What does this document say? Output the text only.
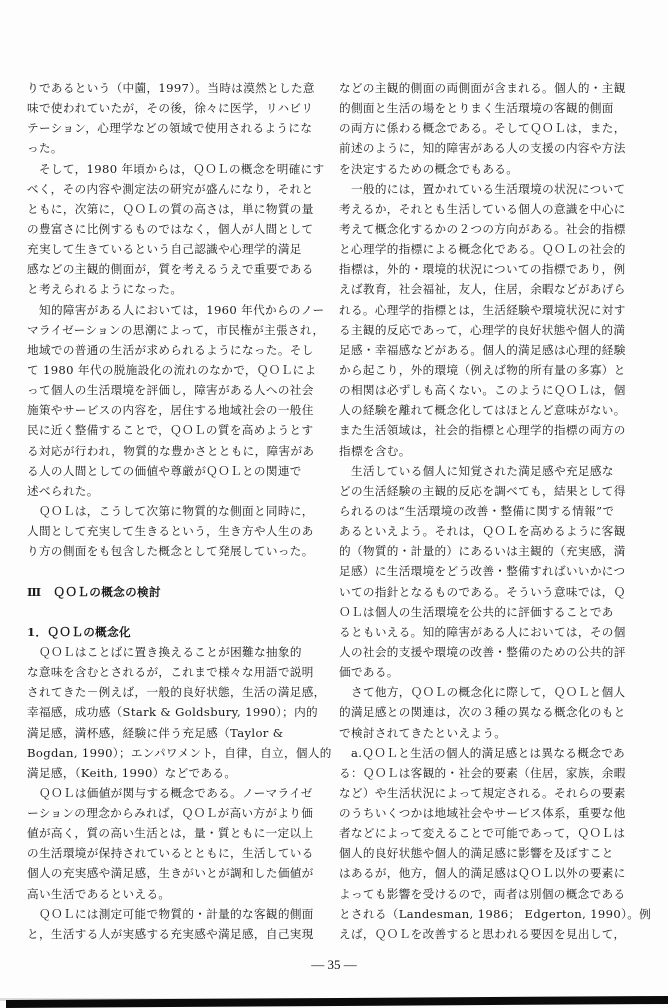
りであるという（中薗，1997）。当時は漠然とした意
味で使われていたが，その後，徐々に医学，リハビリ
テーション，心理学などの領域で使用されるようにな
った。
そして，1980 年頃からは，ＱＯＬの概念を明確にす
べく，その内容や測定法の研究が盛んになり，それと
ともに，次第に，ＱＯＬの質の高さは，単に物質の量
の豊富さに比例するものではなく，個人が人間として
充実して生きているという自己認識や心理学的満足
感などの主観的側面が，質を考えるうえで重要である
と考えられるようになった。
知的障害がある人においては，1960 年代からのノー
マライゼーションの思潮によって，市民権が主張され，
地域での普通の生活が求められるようになった。そし
て 1980 年代の脱施設化の流れのなかで，ＱＯＬによ
って個人の生活環境を評価し，障害がある人への社会
施策やサービスの内容を，居住する地域社会の一般住
民に近く整備することで，ＱＯＬの質を高めようとす
る対応が行われ，物質的な豊かさとともに，障害があ
る人の人間としての価値や尊厳がＱＯＬとの関連で
述べられた。
ＱＯＬは，こうして次第に物質的な側面と同時に，
人間として充実して生きるという，生き方や人生のあ
り方の側面をも包含した概念として発展していった。
Ⅲ　ＱＯＬの概念の検討
1．ＱＯＬの概念化
ＱＯＬはことばに置き換えることが困難な抽象的
な意味を含むとされるが，これまで様々な用語で説明
されてきた－例えば，一般的良好状態，生活の満足感，
幸福感，成功感（Stark & Goldsbury, 1990）；内的
満足感，満杯感，経験に伴う充足感（Taylor &
Bogdan, 1990）；エンパワメント，自律，自立，個人的
満足感，（Keith, 1990）などである。
ＱＯＬは価値が関与する概念である。ノーマライゼ
ーションの理念からみれば，ＱＯＬが高い方がより価
値が高く，質の高い生活とは，量・質ともに一定以上
の生活環境が保持されているとともに，生活している
個人の充実感や満足感，生きがいとが調和した価値が
高い生活であるといえる。
ＱＯＬには測定可能で物質的・計量的な客観的側面
と，生活する人が実感する充実感や満足感，自己実現
などの主観的側面の両側面が含まれる。個人的・主観
的側面と生活の場をとりまく生活環境の客観的側面
の両方に係わる概念である。そしてＱＯＬは，また，
前述のように，知的障害がある人の支援の内容や方法
を決定するための概念でもある。
一般的には，置かれている生活環境の状況について
考えるか，それとも生活している個人の意識を中心に
考えて概念化するかの２つの方向がある。社会的指標
と心理学的指標による概念化である。ＱＯＬの社会的
指標は，外的・環境的状況についての指標であり，例
えば教育，社会福祉，友人，住居，余暇などがあげら
れる。心理学的指標とは，生活経験や環境状況に対す
る主観的反応であって，心理学的良好状態や個人的満
足感・幸福感などがある。個人的満足感は心理的経験
から起こり，外的環境（例えば物的所有量の多寡）と
の相関は必ずしも高くない。このようにＱＯＬは，個
人の経験を離れて概念化してはほとんど意味がない。
また生活領域は，社会的指標と心理学的指標の両方の
指標を含む。
生活している個人に知覚された満足感や充足感な
どの生活経験の主観的反応を調べても，結果として得
られるのは“生活環境の改善・整備に関する情報”で
あるといえよう。それは，ＱＯＬを高めるように客観
的（物質的・計量的）にあるいは主観的（充実感，満
足感）に生活環境をどう改善・整備すればいいかにつ
いての指針となるものである。そういう意味では，Ｑ
ＯＬは個人の生活環境を公共的に評価することであ
るともいえる。知的障害がある人においては，その個
人の社会的支援や環境の改善・整備のための公共的評
価である。
さて他方，ＱＯＬの概念化に際して，ＱＯＬと個人
的満足感との関連は，次の３種の異なる概念化のもと
で検討されてきたといえよう。
a.ＱＯＬと生活の個人的満足感とは異なる概念であ
る：ＱＯＬは客観的・社会的要素（住居，家族，余暇
など）や生活状況によって規定される。それらの要素
のうちいくつかは地域社会やサービス体系，重要な他
者などによって変えることで可能であって，ＱＯＬは
個人的良好状態や個人的満足感に影響を及ぼすこと
はあるが，他方，個人的満足感はＱＯＬ以外の要素に
よっても影響を受けるので，両者は別個の概念である
とされる（Landesman, 1986； Edgerton, 1990）。例
えば，ＱＯＬを改善すると思われる要因を見出して，
— 35 —
